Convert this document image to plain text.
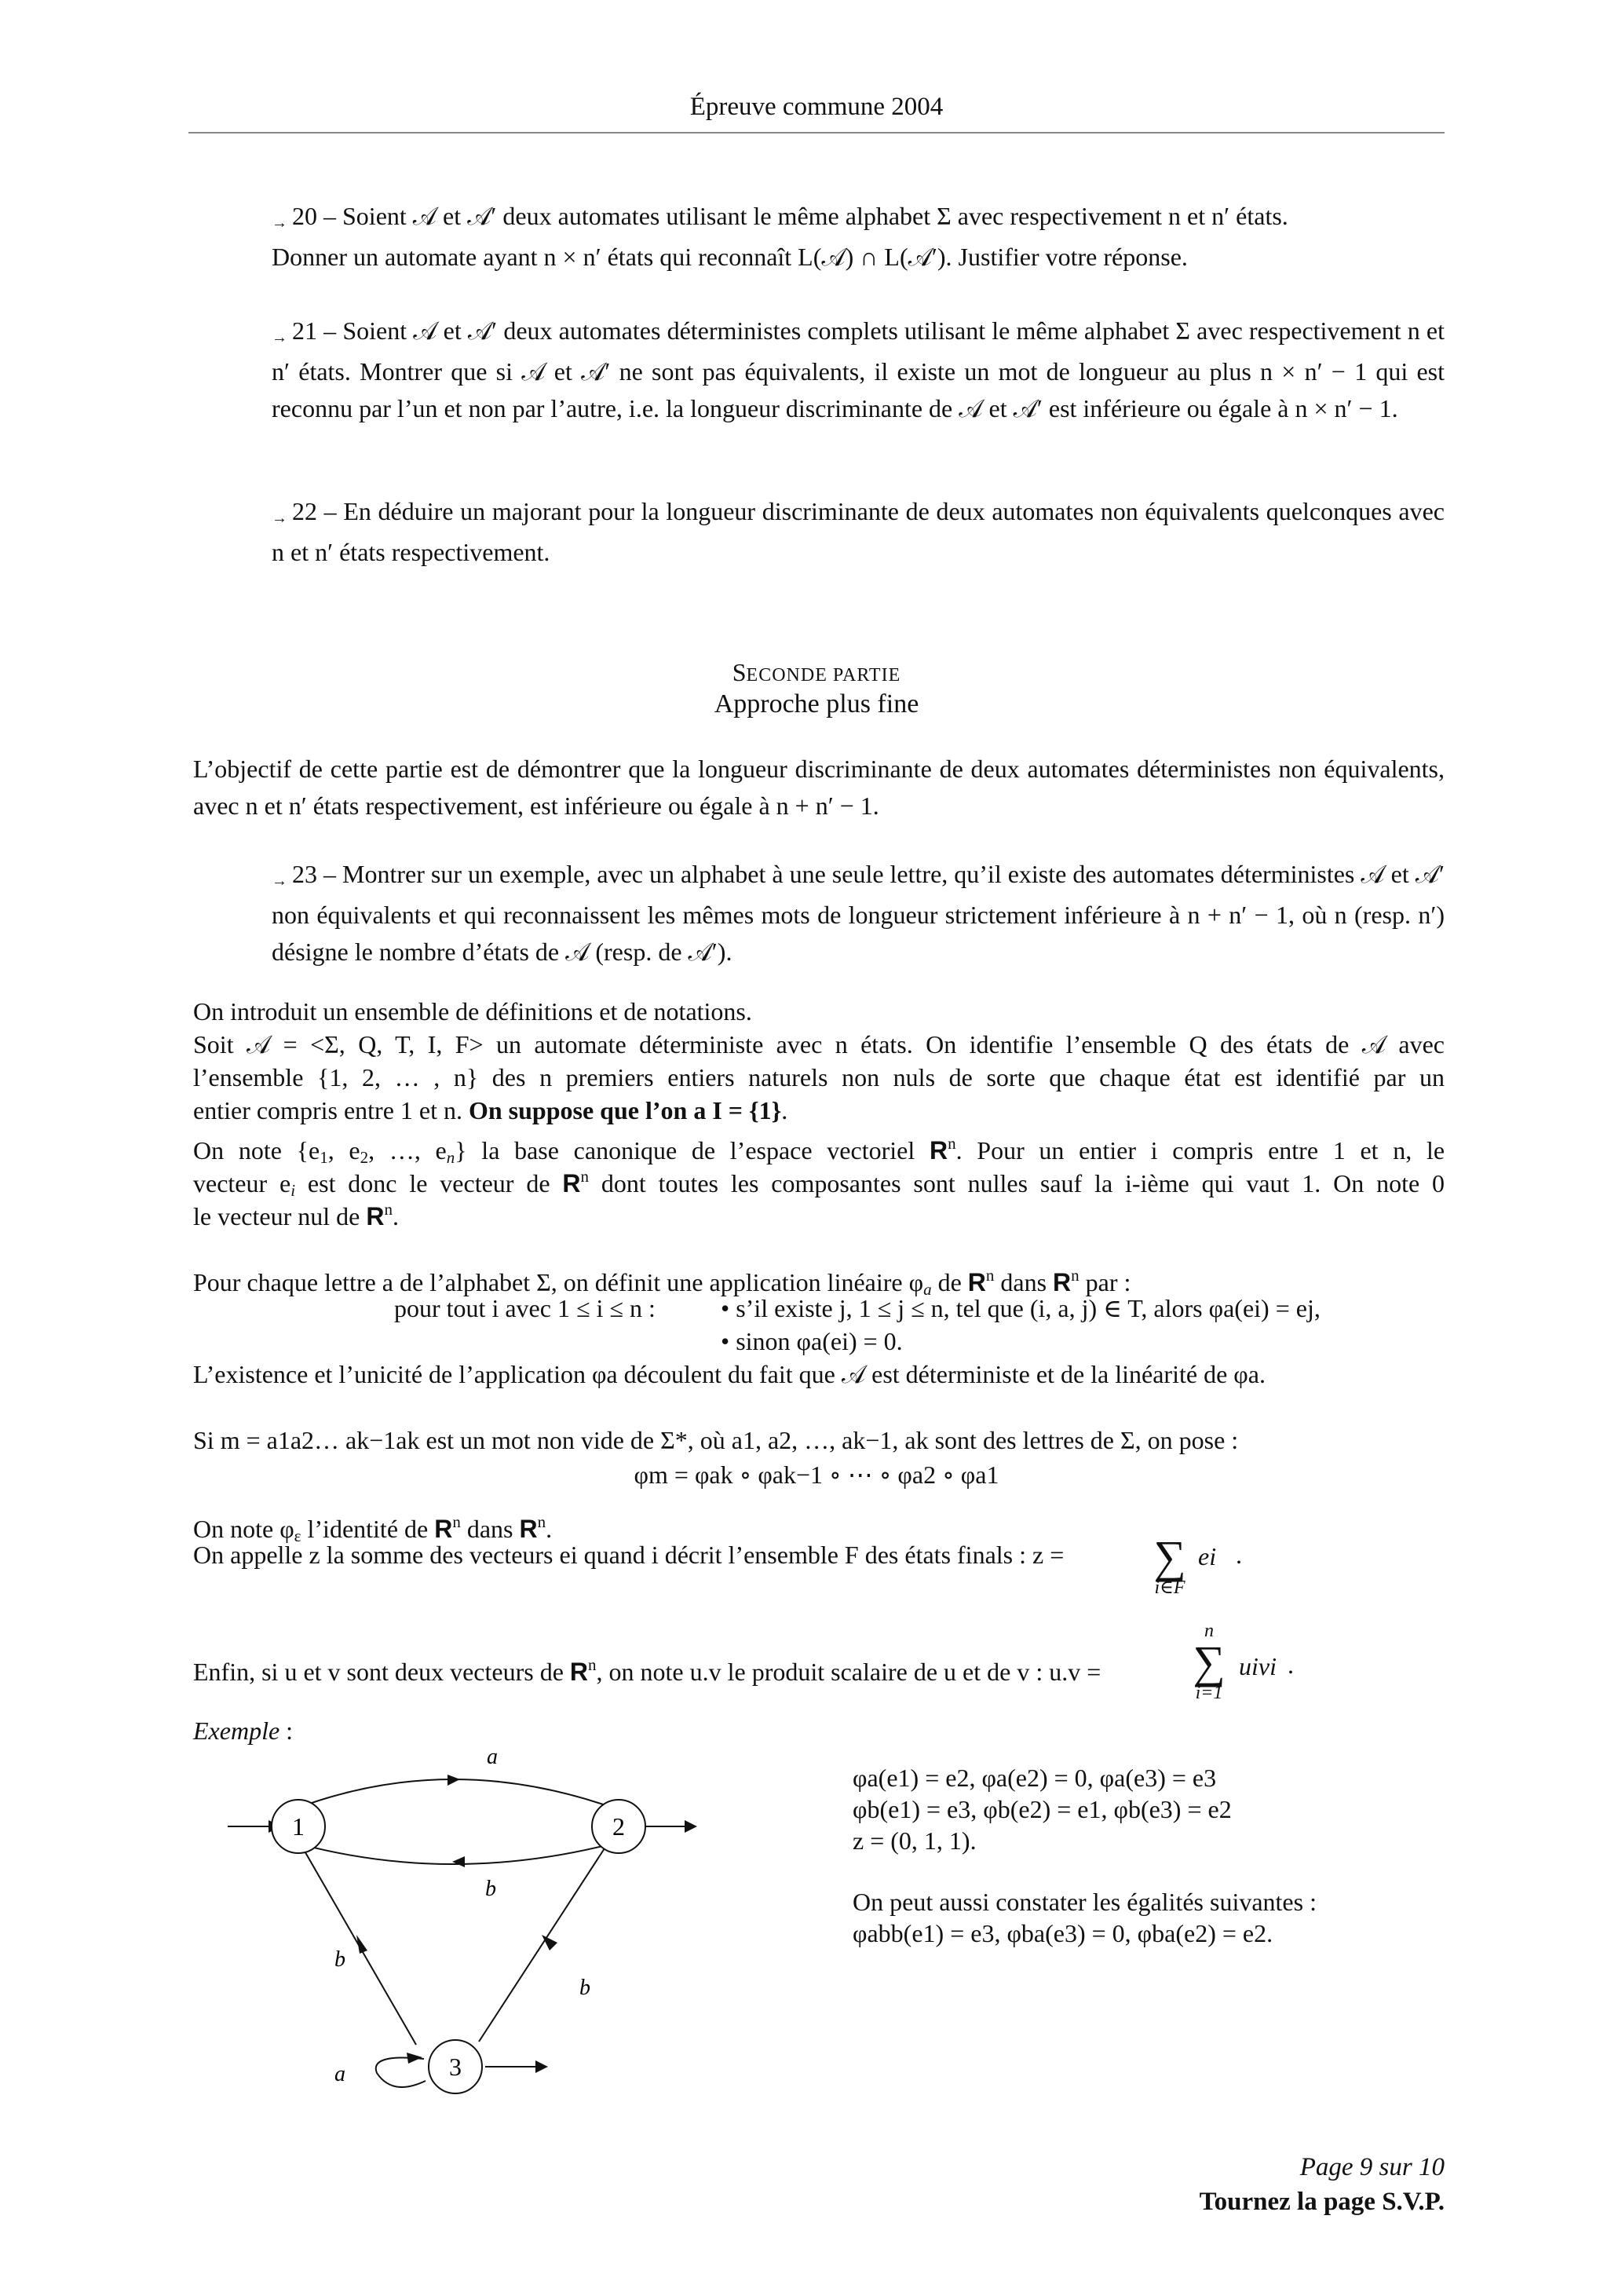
Épreuve commune 2004
→ 20 – Soient 𝒜 et 𝒜′ deux automates utilisant le même alphabet Σ avec respectivement n et n′ états.
Donner un automate ayant n × n′ états qui reconnaît L(𝒜) ∩ L(𝒜′). Justifier votre réponse.
→ 21 – Soient 𝒜 et 𝒜′ deux automates déterministes complets utilisant le même alphabet Σ avec respectivement n et n′ états. Montrer que si 𝒜 et 𝒜′ ne sont pas équivalents, il existe un mot de longueur au plus n × n′ − 1 qui est reconnu par l’un et non par l’autre, i.e. la longueur discriminante de 𝒜 et 𝒜′ est inférieure ou égale à n × n′ − 1.
→ 22 – En déduire un majorant pour la longueur discriminante de deux automates non équivalents quelconques avec n et n′ états respectivement.
SECONDE PARTIE
Approche plus fine
L’objectif de cette partie est de démontrer que la longueur discriminante de deux automates déterministes non équivalents, avec n et n′ états respectivement, est inférieure ou égale à n + n′ − 1.
→ 23 – Montrer sur un exemple, avec un alphabet à une seule lettre, qu’il existe des automates déterministes 𝒜 et 𝒜′ non équivalents et qui reconnaissent les mêmes mots de longueur strictement inférieure à n + n′ − 1, où n (resp. n′) désigne le nombre d’états de 𝒜 (resp. de 𝒜′).
On introduit un ensemble de définitions et de notations.
Soit 𝒜 = <Σ, Q, T, I, F> un automate déterministe avec n états. On identifie l’ensemble Q des états de 𝒜 avec
l’ensemble {1, 2, … , n} des n premiers entiers naturels non nuls de sorte que chaque état est identifié par un
entier compris entre 1 et n. On suppose que l’on a I = {1}.
On note {$e_1$, $e_2$, …, $e_n$} la base canonique de l’espace vectoriel $R^n$. Pour un entier i compris entre 1 et n, le
vecteur $e_i$ est donc le vecteur de $R^n$ dont toutes les composantes sont nulles sauf la i-ième qui vaut 1. On note 0
le vecteur nul de $R^n$.
Pour chaque lettre a de l’alphabet Σ, on définit une application linéaire $\varphi_a$ de $R^n$ dans $R^n$ par :
pour tout i avec 1 ≤ i ≤ n :	• s’il existe j, 1 ≤ j ≤ n, tel que (i, a, j) ∈ T, alors φa(ei) = ej,
• sinon φa(ei) = 0.
L’existence et l’unicité de l’application φa découlent du fait que 𝒜 est déterministe et de la linéarité de φa.
Si m = a1a2… ak−1ak est un mot non vide de Σ*, où a1, a2, …, ak−1, ak sont des lettres de Σ, on pose :
φm = φak ∘ φak−1 ∘ ⋯ ∘ φa2 ∘ φa1
On note $\varphi_\varepsilon$ l’identité de $R^n$ dans $R^n$.
On appelle z la somme des vecteurs ei quand i décrit l’ensemble F des états finals : z =	∑
i∈F
ei .
Enfin, si u et v sont deux vecteurs de $R^n$, on note u.v le produit scalaire de u et de v : u.v =
n
∑
i=1
uivi .
Exemple :
1	2
3
a
b
b
b
a
φa(e1) = e2, φa(e2) = 0, φa(e3) = e3
φb(e1) = e3, φb(e2) = e1, φb(e3) = e2
z = (0, 1, 1).
On peut aussi constater les égalités suivantes :
φabb(e1) = e3, φba(e3) = 0, φba(e2) = e2.
Page 9 sur 10
Tournez la page S.V.P.
